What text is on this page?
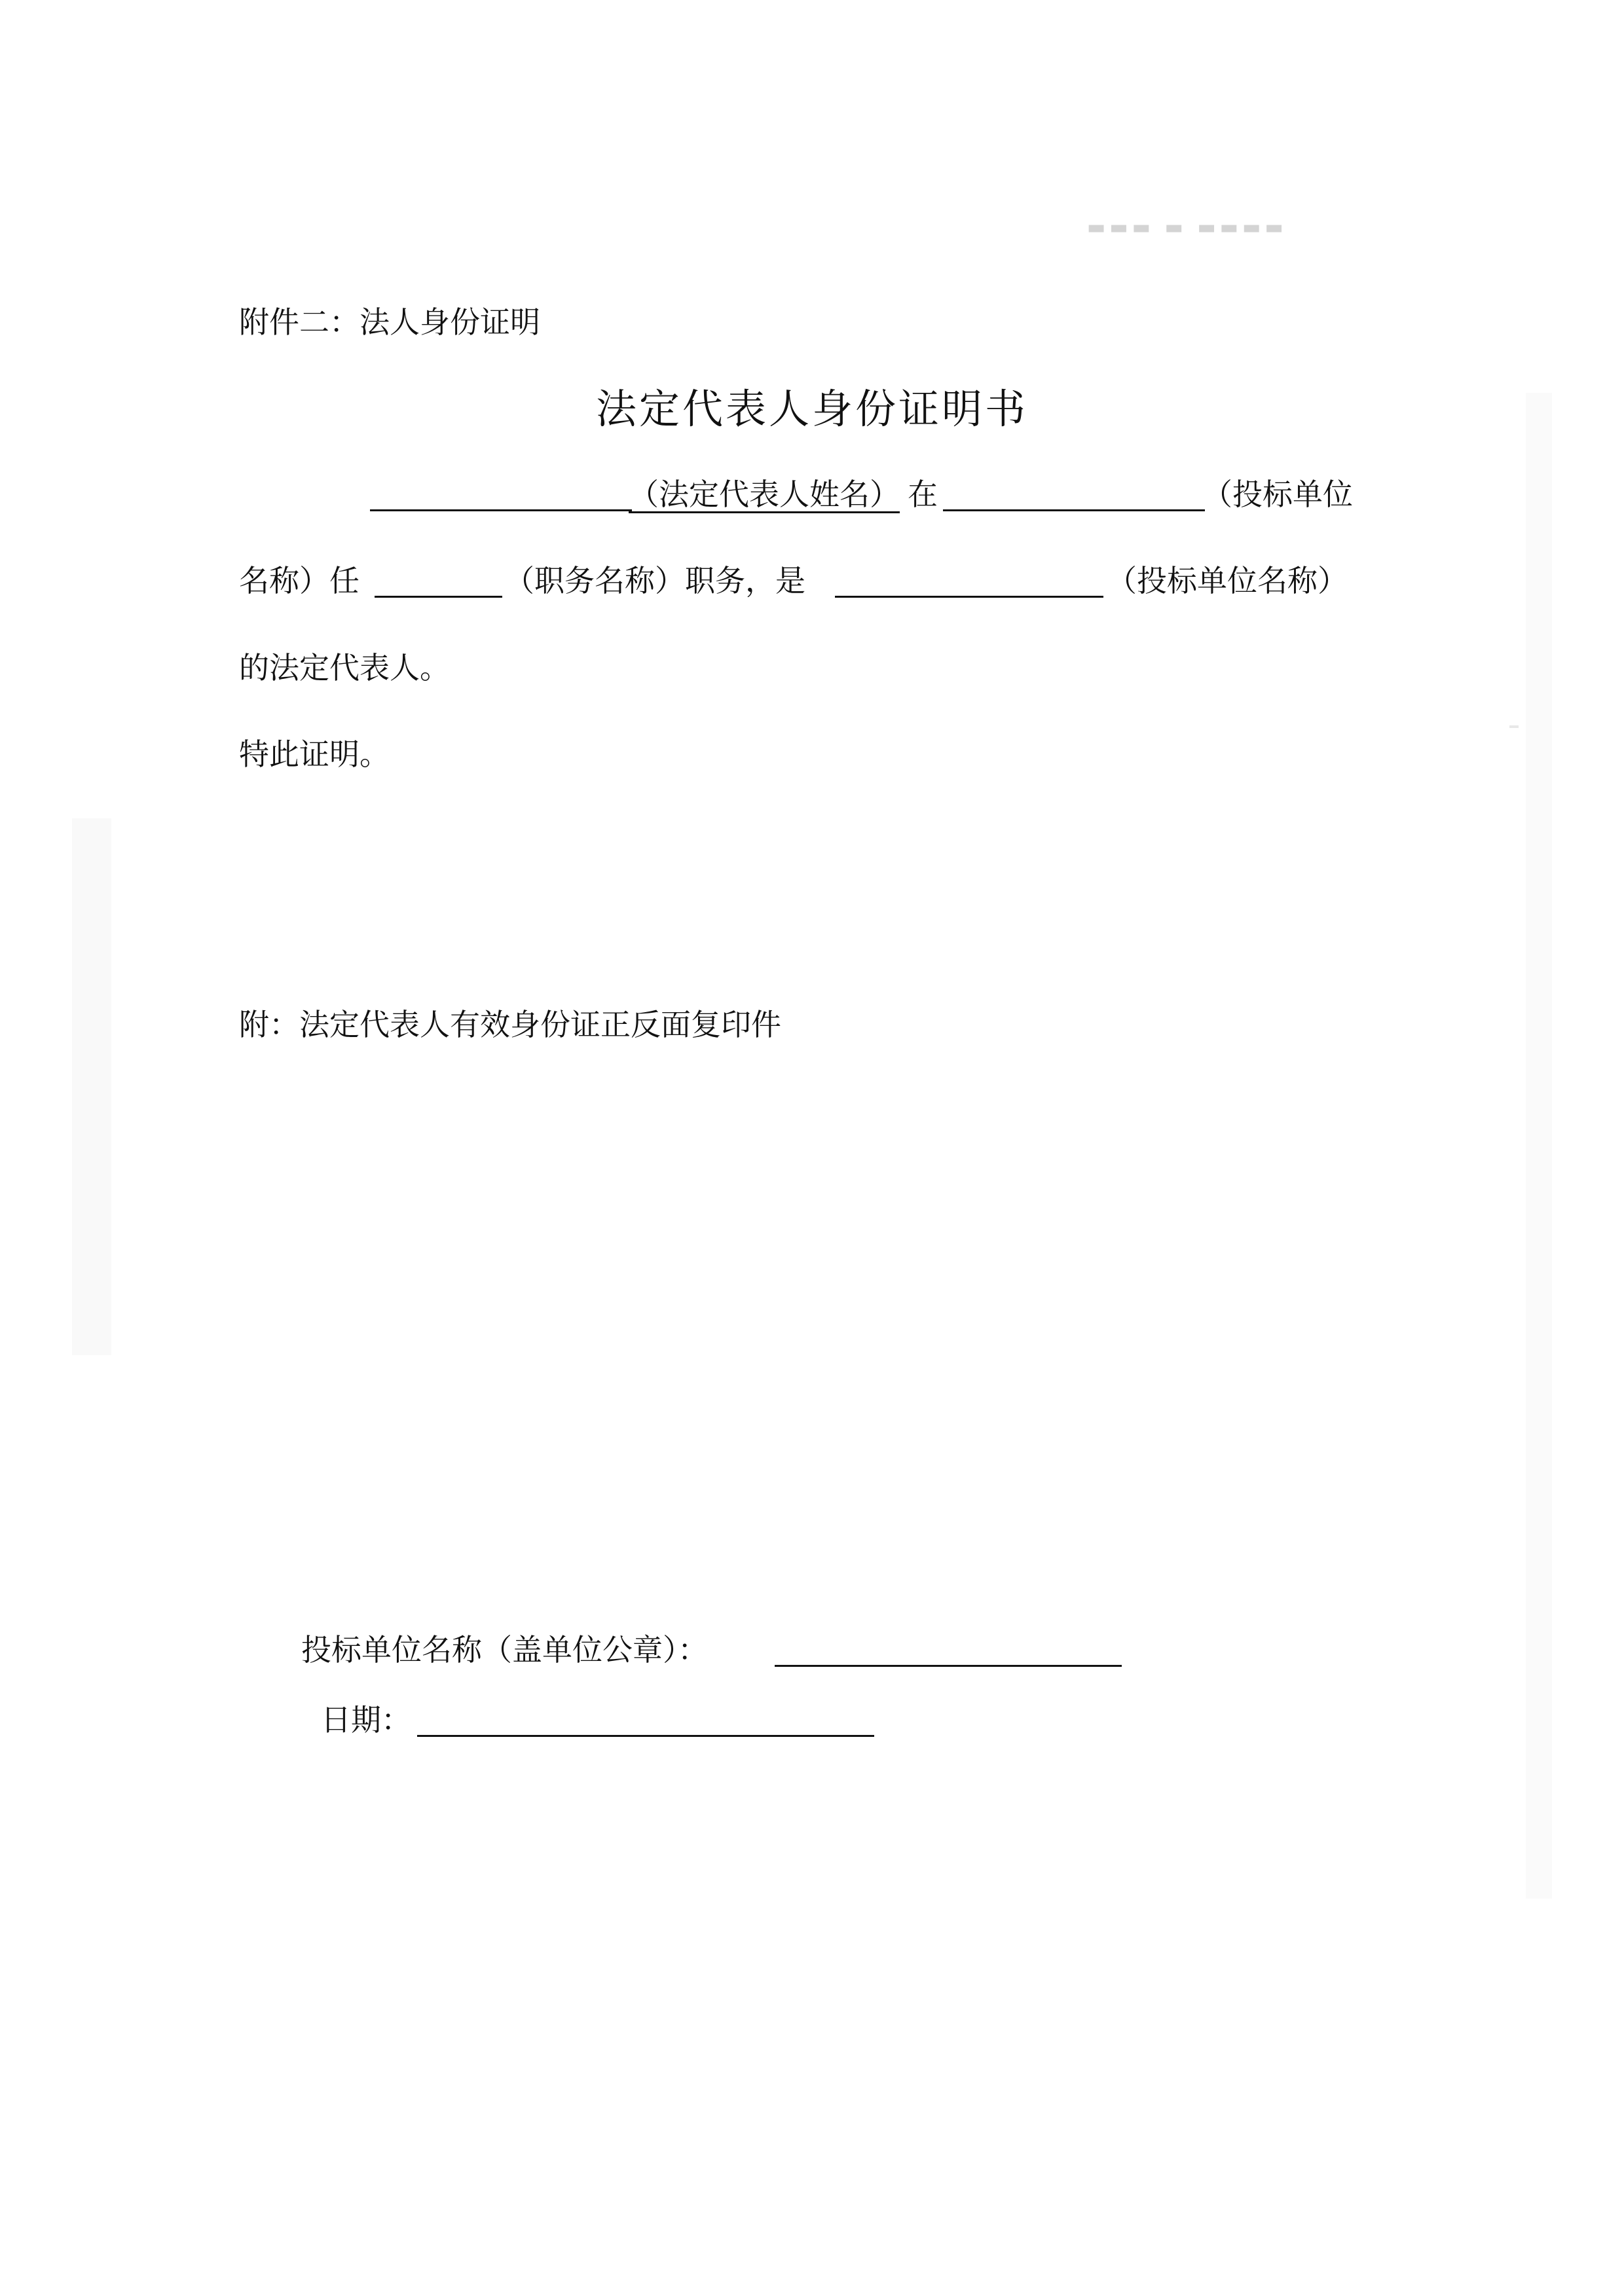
▬▬▬ ▬ ▬▬▬▬
附件二：法人身份证明
法定代表人身份证明书
（法定代表人姓名） 在	（投标单位
名称）任	（职务名称）职务，是	（投标单位名称）
的法定代表人。
特此证明。
附：法定代表人有效身份证正反面复印件
投标单位名称（盖单位公章）：
日期：
